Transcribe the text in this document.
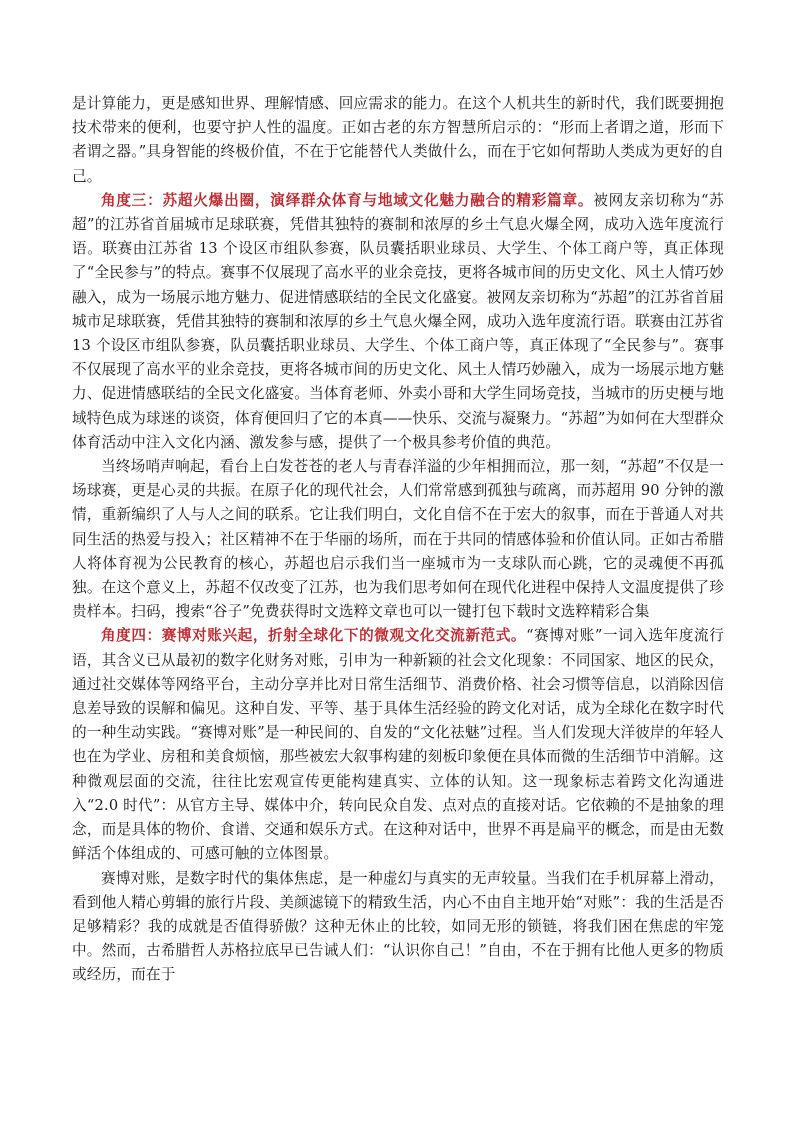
是计算能力，更是感知世界、理解情感、回应需求的能力。在这个人机共生的新时代，我们既要拥抱技术带来的便利，也要守护人性的温度。正如古老的东方智慧所启示的：“形而上者谓之道，形而下者谓之器。”具身智能的终极价值，不在于它能替代人类做什么，而在于它如何帮助人类成为更好的自己。

角度三：苏超火爆出圈，演绎群众体育与地域文化魅力融合的精彩篇章。被网友亲切称为“苏超”的江苏省首届城市足球联赛，凭借其独特的赛制和浓厚的乡土气息火爆全网，成功入选年度流行语。联赛由江苏省 13 个设区市组队参赛，队员囊括职业球员、大学生、个体工商户等，真正体现了“全民参与”的特点。赛事不仅展现了高水平的业余竞技，更将各城市间的历史文化、风土人情巧妙融入，成为一场展示地方魅力、促进情感联结的全民文化盛宴。被网友亲切称为“苏超”的江苏省首届城市足球联赛，凭借其独特的赛制和浓厚的乡土气息火爆全网，成功入选年度流行语。联赛由江苏省 13 个设区市组队参赛，队员囊括职业球员、大学生、个体工商户等，真正体现了“全民参与”。赛事不仅展现了高水平的业余竞技，更将各城市间的历史文化、风土人情巧妙融入，成为一场展示地方魅力、促进情感联结的全民文化盛宴。当体育老师、外卖小哥和大学生同场竞技，当城市的历史梗与地域特色成为球迷的谈资，体育便回归了它的本真——快乐、交流与凝聚力。“苏超”为如何在大型群众体育活动中注入文化内涵、激发参与感，提供了一个极具参考价值的典范。

当终场哨声响起，看台上白发苍苍的老人与青春洋溢的少年相拥而泣，那一刻，“苏超”不仅是一场球赛，更是心灵的共振。在原子化的现代社会，人们常常感到孤独与疏离，而苏超用 90 分钟的激情，重新编织了人与人之间的联系。它让我们明白，文化自信不在于宏大的叙事，而在于普通人对共同生活的热爱与投入；社区精神不在于华丽的场所，而在于共同的情感体验和价值认同。正如古希腊人将体育视为公民教育的核心，苏超也启示我们当一座城市为一支球队而心跳，它的灵魂便不再孤独。在这个意义上，苏超不仅改变了江苏，也为我们思考如何在现代化进程中保持人文温度提供了珍贵样本。扫码，搜索“谷子”免费获得时文选粹文章也可以一键打包下载时文选粹精彩合集

角度四：赛博对账兴起，折射全球化下的微观文化交流新范式。“赛博对账”一词入选年度流行语，其含义已从最初的数字化财务对账，引申为一种新颖的社会文化现象：不同国家、地区的民众，通过社交媒体等网络平台，主动分享并比对日常生活细节、消费价格、社会习惯等信息，以消除因信息差导致的误解和偏见。这种自发、平等、基于具体生活经验的跨文化对话，成为全球化在数字时代的一种生动实践。“赛博对账”是一种民间的、自发的“文化祛魅”过程。当人们发现大洋彼岸的年轻人也在为学业、房租和美食烦恼，那些被宏大叙事构建的刻板印象便在具体而微的生活细节中消解。这种微观层面的交流，往往比宏观宣传更能构建真实、立体的认知。这一现象标志着跨文化沟通进入“2.0 时代”：从官方主导、媒体中介，转向民众自发、点对点的直接对话。它依赖的不是抽象的理念，而是具体的物价、食谱、交通和娱乐方式。在这种对话中，世界不再是扁平的概念，而是由无数鲜活个体组成的、可感可触的立体图景。

赛博对账，是数字时代的集体焦虑，是一种虚幻与真实的无声较量。当我们在手机屏幕上滑动，看到他人精心剪辑的旅行片段、美颜滤镜下的精致生活，内心不由自主地开始“对账”：我的生活是否足够精彩？我的成就是否值得骄傲？这种无休止的比较，如同无形的锁链，将我们困在焦虑的牢笼中。然而，古希腊哲人苏格拉底早已告诫人们：“认识你自己！”自由，不在于拥有比他人更多的物质或经历，而在于
